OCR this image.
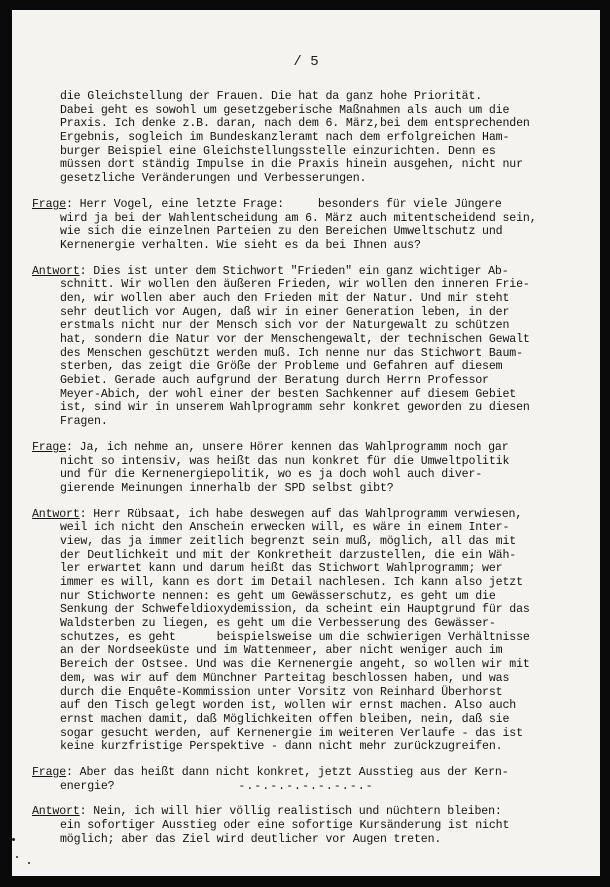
/ 5
die Gleichstellung der Frauen. Die hat da ganz hohe Priorität.
Dabei geht es sowohl um gesetzgeberische Maßnahmen als auch um die
Praxis. Ich denke z.B. daran, nach dem 6. März,bei dem entsprechenden
Ergebnis, sogleich im Bundeskanzleramt nach dem erfolgreichen Ham-
burger Beispiel eine Gleichstellungsstelle einzurichten. Denn es
müssen dort ständig Impulse in die Praxis hinein ausgehen, nicht nur
gesetzliche Veränderungen und Verbesserungen.
Frage: Herr Vogel, eine letzte Frage:     besonders für viele Jüngere
wird ja bei der Wahlentscheidung am 6. März auch mitentscheidend sein,
wie sich die einzelnen Parteien zu den Bereichen Umweltschutz und
Kernenergie verhalten. Wie sieht es da bei Ihnen aus?
Antwort: Dies ist unter dem Stichwort "Frieden" ein ganz wichtiger Ab-
schnitt. Wir wollen den äußeren Frieden, wir wollen den inneren Frie-
den, wir wollen aber auch den Frieden mit der Natur. Und mir steht
sehr deutlich vor Augen, daß wir in einer Generation leben, in der
erstmals nicht nur der Mensch sich vor der Naturgewalt zu schützen
hat, sondern die Natur vor der Menschengewalt, der technischen Gewalt
des Menschen geschützt werden muß. Ich nenne nur das Stichwort Baum-
sterben, das zeigt die Größe der Probleme und Gefahren auf diesem
Gebiet. Gerade auch aufgrund der Beratung durch Herrn Professor
Meyer-Abich, der wohl einer der besten Sachkenner auf diesem Gebiet
ist, sind wir in unserem Wahlprogramm sehr konkret geworden zu diesen
Fragen.
Frage: Ja, ich nehme an, unsere Hörer kennen das Wahlprogramm noch gar
nicht so intensiv, was heißt das nun konkret für die Umweltpolitik
und für die Kernenergiepolitik, wo es ja doch wohl auch diver-
gierende Meinungen innerhalb der SPD selbst gibt?
Antwort: Herr Rübsaat, ich habe deswegen auf das Wahlprogramm verwiesen,
weil ich nicht den Anschein erwecken will, es wäre in einem Inter-
view, das ja immer zeitlich begrenzt sein muß, möglich, all das mit
der Deutlichkeit und mit der Konkretheit darzustellen, die ein Wäh-
ler erwartet kann und darum heißt das Stichwort Wahlprogramm; wer
immer es will, kann es dort im Detail nachlesen. Ich kann also jetzt
nur Stichworte nennen: es geht um Gewässerschutz, es geht um die
Senkung der Schwefeldioxydemission, da scheint ein Hauptgrund für das
Waldsterben zu liegen, es geht um die Verbesserung des Gewässer-
schutzes, es geht      beispielsweise um die schwierigen Verhältnisse
an der Nordseeküste und im Wattenmeer, aber nicht weniger auch im
Bereich der Ostsee. Und was die Kernenergie angeht, so wollen wir mit
dem, was wir auf dem Münchner Parteitag beschlossen haben, und was
durch die Enquête-Kommission unter Vorsitz von Reinhard Überhorst
auf den Tisch gelegt worden ist, wollen wir ernst machen. Also auch
ernst machen damit, daß Möglichkeiten offen bleiben, nein, daß sie
sogar gesucht werden, auf Kernenergie im weiteren Verlaufe - das ist
keine kurzfristige Perspektive - dann nicht mehr zurückzugreifen.
Frage: Aber das heißt dann nicht konkret, jetzt Ausstieg aus der Kern-
energie?
Antwort: Nein, ich will hier völlig realistisch und nüchtern bleiben:
ein sofortiger Ausstieg oder eine sofortige Kursänderung ist nicht
möglich; aber das Ziel wird deutlicher vor Augen treten.
-.-.-.-.-.-.-.-.-
